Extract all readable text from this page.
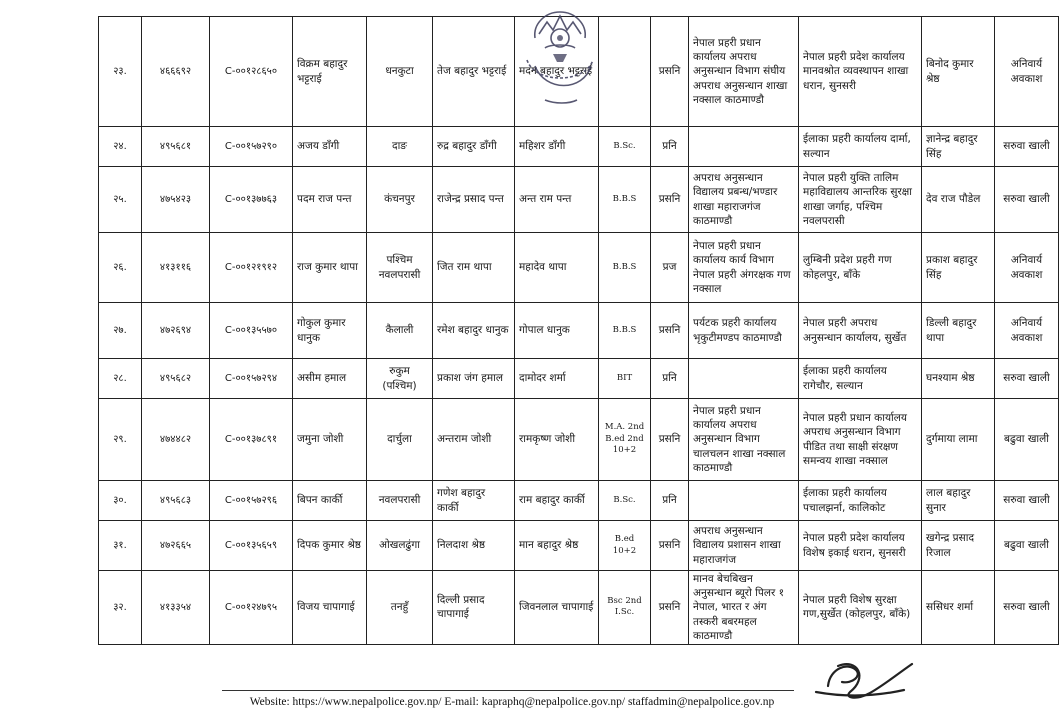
२३.	४६६६९२	C-००१२८६५०	विक्रम बहादुर भट्टराई	धनकुटा	तेज बहादुर भट्टराई	मदन बहादुर भट्टराई		प्रसनि	नेपाल प्रहरी प्रधान कार्यालय अपराध अनुसन्धान विभाग संघीय अपराध अनुसन्धान शाखा नक्साल काठमाण्डौ	नेपाल प्रहरी प्रदेश कार्यालय मानवश्रोत व्यवस्थापन शाखा धरान, सुनसरी	बिनोद कुमार श्रेष्ठ	अनिवार्य अवकाश
२४.	४९५६८१	C-००१५७२९०	अजय डाँगी	दाङ	रुद्र बहादुर डाँगी	महिशर डाँगी	B.Sc.	प्रनि		ईलाका प्रहरी कार्यालय दार्मा, सल्यान	ज्ञानेन्द्र बहादुर सिंह	सरुवा खाली
२५.	४७५४२३	C-००१३७७६३	पदम राज पन्त	कंचनपुर	राजेन्द्र प्रसाद पन्त	अन्त राम पन्त	B.B.S	प्रसनि	अपराध अनुसन्धान विद्यालय प्रबन्ध/भण्डार शाखा महाराजगंज काठमाण्डौ	नेपाल प्रहरी युक्ति तालिम महाविद्यालय आन्तरिक सुरक्षा शाखा जर्गाह, पश्चिम नवलपरासी	देव राज पौडेल	सरुवा खाली
२६.	४१३११६	C-००१२१९१२	राज कुमार थापा	पश्चिम नवलपरासी	जित राम थापा	महादेव थापा	B.B.S	प्रज	नेपाल प्रहरी प्रधान कार्यालय कार्य विभाग नेपाल प्रहरी अंगरक्षक गण नक्साल	लुम्बिनी प्रदेश प्रहरी गण कोहलपुर, बाँके	प्रकाश बहादुर सिंह	अनिवार्य अवकाश
२७.	४७२६९४	C-००१३५५७०	गोकुल कुमार धानुक	कैलाली	रमेश बहादुर धानुक	गोपाल धानुक	B.B.S	प्रसनि	पर्यटक प्रहरी कार्यालय भृकुटीमण्डप काठमाण्डौ	नेपाल प्रहरी अपराध अनुसन्धान कार्यालय, सुर्खेत	डिल्ली बहादुर थापा	अनिवार्य अवकाश
२८.	४९५६८२	C-००१५७२९४	असीम हमाल	रुकुम (पश्चिम)	प्रकाश जंग हमाल	दामोदर शर्मा	BIT	प्रनि		ईलाका प्रहरी कार्यालय रागेचौर, सल्यान	घनश्याम श्रेष्ठ	सरुवा खाली
२९.	४७४४८२	C-००१३७८९१	जमुना जोशी	दार्चुला	अन्तराम जोशी	रामकृष्ण जोशी	M.A. 2nd B.ed 2nd 10+2	प्रसनि	नेपाल प्रहरी प्रधान कार्यालय अपराध अनुसन्धान विभाग चालचलन शाखा नक्साल काठमाण्डौ	नेपाल प्रहरी प्रधान कार्यालय अपराध अनुसन्धान विभाग पीडित तथा साक्षी संरक्षण समन्वय शाखा नक्साल	दुर्गमाया लामा	बढुवा खाली
३०.	४९५६८३	C-००१५७२९६	बिपन कार्की	नवलपरासी	गणेश बहादुर कार्की	राम बहादुर कार्की	B.Sc.	प्रनि		ईलाका प्रहरी कार्यालय पचालझर्ना, कालिकोट	लाल बहादुर सुनार	सरुवा खाली
३१.	४७२६६५	C-००१३५६५९	दिपक कुमार श्रेष्ठ	ओखलढुंगा	निलदाश श्रेष्ठ	मान बहादुर श्रेष्ठ	B.ed 10+2	प्रसनि	अपराध अनुसन्धान विद्यालय प्रशासन शाखा महाराजगंज	नेपाल प्रहरी प्रदेश कार्यालय विशेष इकाई धरान, सुनसरी	खगेन्द्र प्रसाद रिजाल	बढुवा खाली
३२.	४१३३५४	C-००१२४७९५	विजय चापागाई	तनहुँ	दिल्ली प्रसाद चापागाई	जिवनलाल चापागाई	Bsc 2nd I.Sc.	प्रसनि	मानव बेचबिखन अनुसन्धान ब्यूरो पिलर १ नेपाल, भारत र अंग तस्करी बबरमहल काठमाण्डौ	नेपाल प्रहरी विशेष सुरक्षा गण,सुर्खेत (कोहलपुर, बाँके)	ससिधर शर्मा	सरुवा खाली
Website: https://www.nepalpolice.gov.np/ E-mail: kapraphq@nepalpolice.gov.np/ staffadmin@nepalpolice.gov.np
